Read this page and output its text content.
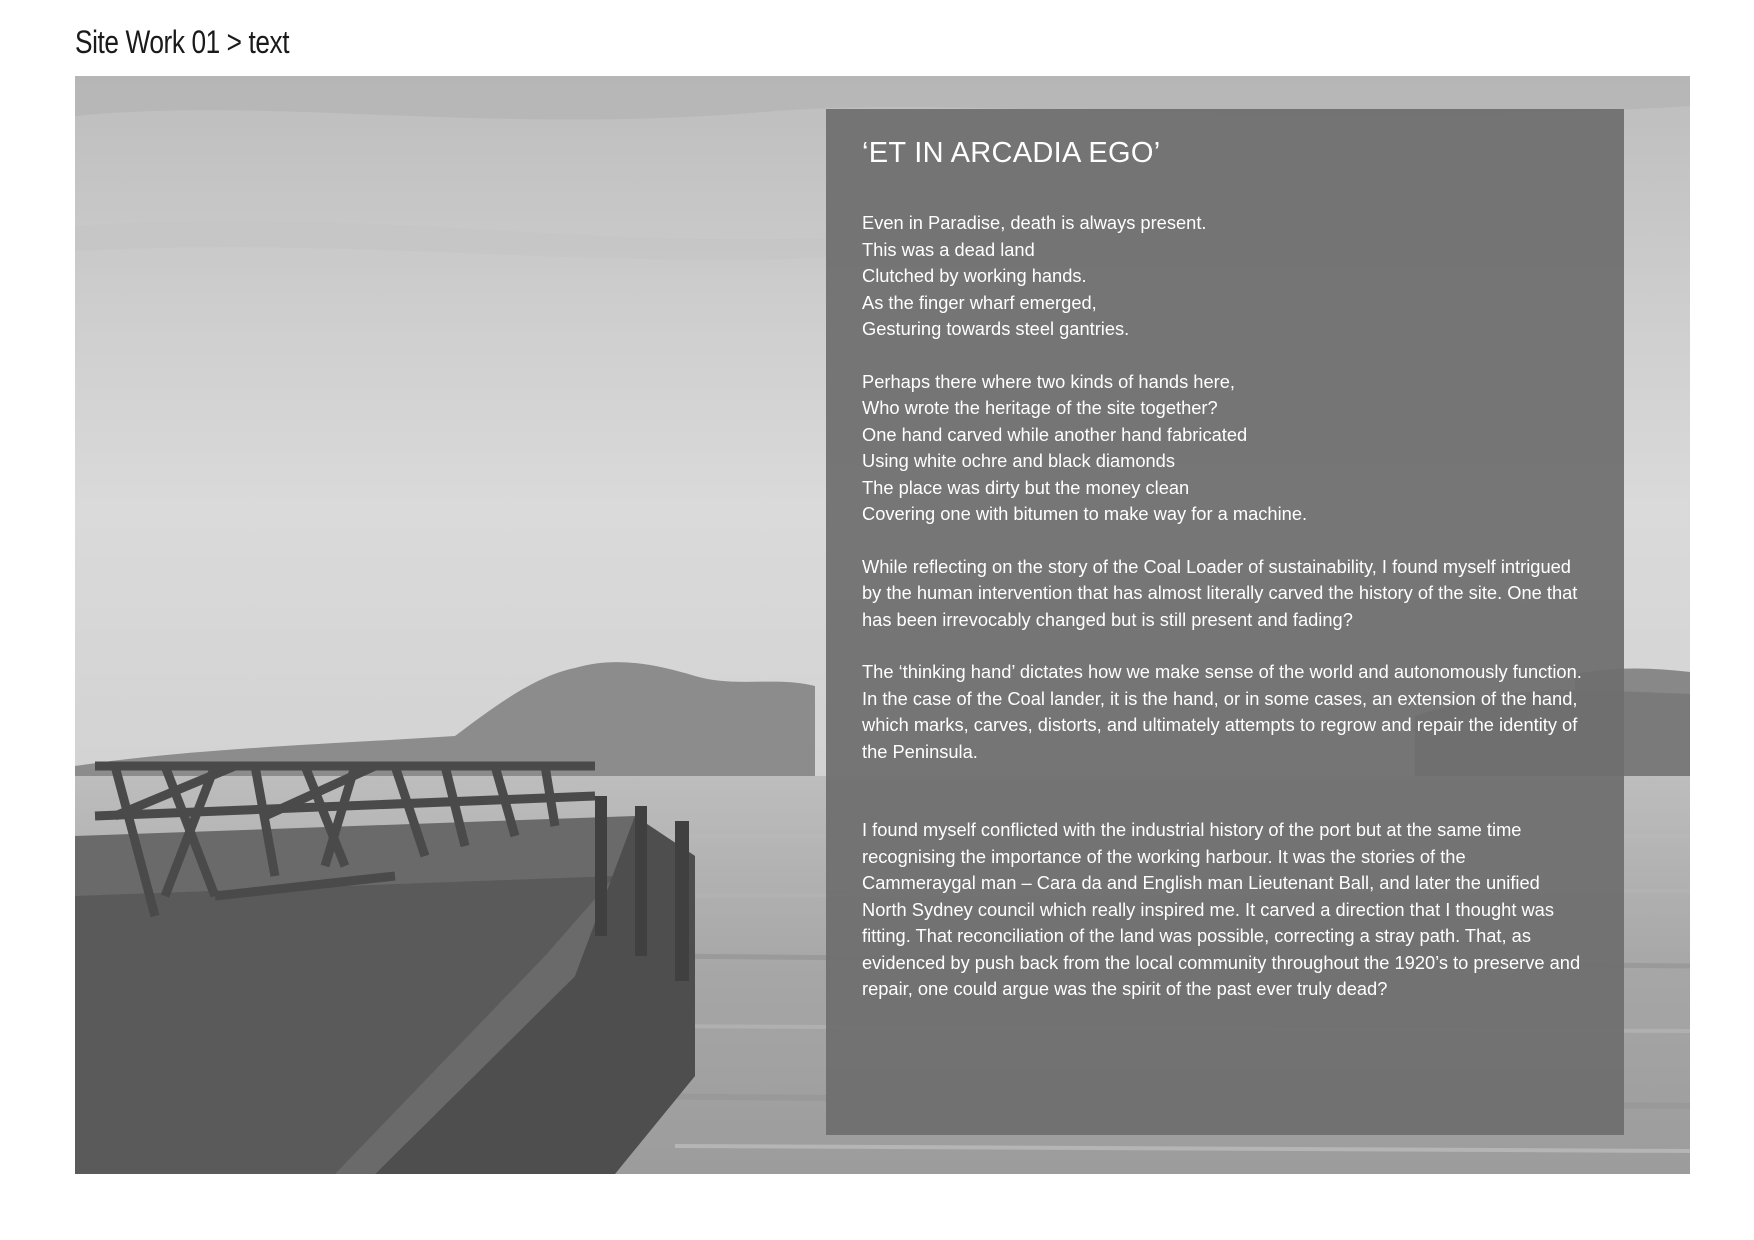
Site Work 01 > text
‘ET IN ARCADIA EGO’
Even in Paradise, death is always present.
This was a dead land
Clutched by working hands.
As the finger wharf emerged,
Gesturing towards steel gantries.
Perhaps there where two kinds of hands here,
Who wrote the heritage of the site together?
One hand carved while another hand fabricated
Using white ochre and black diamonds
The place was dirty but the money clean
Covering one with bitumen to make way for a machine.

While reflecting on the story of the Coal Loader of sustainability, I found myself intrigued by the human intervention that has almost literally carved the history of the site. One that has been irrevocably changed but is still present and fading?

The ‘thinking hand’ dictates how we make sense of the world and autonomously function. In the case of the Coal lander, it is the hand, or in some cases, an extension of the hand, which marks, carves, distorts, and ultimately attempts to regrow and repair the identity of the Peninsula.

I found myself conflicted with the industrial history of the port but at the same time recognising the importance of the working harbour. It was the stories of the Cammeraygal man – Cara da and English man Lieutenant Ball, and later the unified North Sydney council which really inspired me. It carved a direction that I thought was fitting. That reconciliation of the land was possible, correcting a stray path. That, as evidenced by push back from the local community throughout the 1920’s to preserve and repair, one could argue was the spirit of the past ever truly dead?
